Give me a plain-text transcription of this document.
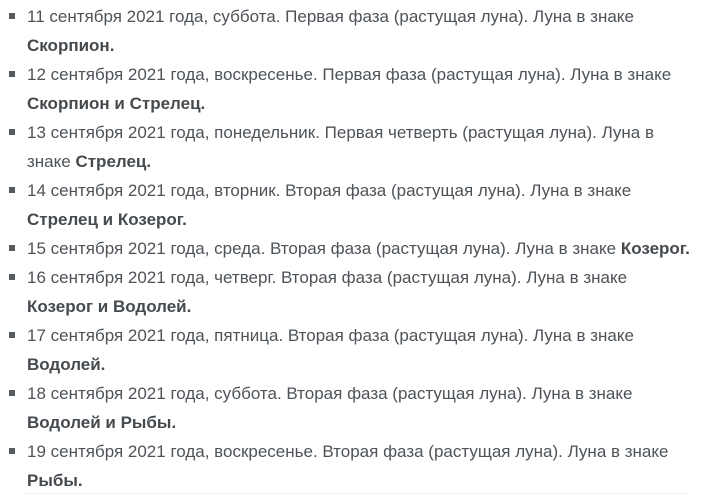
11 сентября 2021 года, суббота. Первая фаза (растущая луна). Луна в знаке Скорпион.
12 сентября 2021 года, воскресенье. Первая фаза (растущая луна). Луна в знаке Скорпион и Стрелец.
13 сентября 2021 года, понедельник. Первая четверть (растущая луна). Луна в знаке Стрелец.
14 сентября 2021 года, вторник. Вторая фаза (растущая луна). Луна в знаке Стрелец и Козерог.
15 сентября 2021 года, среда. Вторая фаза (растущая луна). Луна в знаке Козерог.
16 сентября 2021 года, четверг. Вторая фаза (растущая луна). Луна в знаке Козерог и Водолей.
17 сентября 2021 года, пятница. Вторая фаза (растущая луна). Луна в знаке Водолей.
18 сентября 2021 года, суббота. Вторая фаза (растущая луна). Луна в знаке Водолей и Рыбы.
19 сентября 2021 года, воскресенье. Вторая фаза (растущая луна). Луна в знаке Рыбы.
